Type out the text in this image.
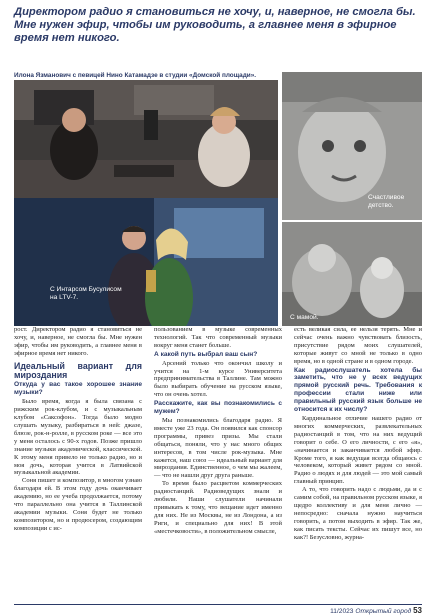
Директором радио я становиться не хочу, и, наверное, не смогла бы. Мне нужен эфир, чтобы им руководить, а главнее меня в эфирное время нет никого.
Илона Язманович с певицей Нино Катамадзе в студии «Домской площади».
С Интарсом Бусулисом на LTV-7.
Счастливое детство.
С мамой.

рост. Директором радио я становиться не хочу, и, наверное, не смогла бы. Мне нужен эфир, чтобы им руководить, а главнее меня в эфирное время нет никого.

Идеальный вариант для мироздания

Откуда у вас такое хорошее знание музыки?

Было время, когда я была связана с рижским рок-клубом, и с музыкальным клубом «Саксофон». Тогда было модно слушать музыку, разбираться в ней: джазе, блюзе, рок-н-ролле, в русском роке — все это у меня осталось с 90-х годов. Позже пришло знание музыки академической, классической. К этому меня привело не только радио, но и моя дочь, которая учится в Латвийской музыкальной академии.

Соня пишет и композитор, в многом узнаю благодаря ей. В этом году дочь оканчивает академию, но ее учеба продолжается, потому что параллельно она учится в Таллинской академии музыки. Соня будет не только композитором, но и продюсером, создающим композиции с ис-

пользованием в музыке современных технологий. Так что современный музыки вокруг меня станет больше.

А какой путь выбрал ваш сын?

Арсений только что окончил школу и учится на 1-м курсе Университета предпринимательства в Таллине. Там можно было выбирать обучение на русском языке, что он очень хотел.

Расскажите, как вы познакомились с мужем?

Мы познакомились благодаря радио. Я вместе уже 23 года. Он появился как спонсор программы, привез призы. Мы стали общаться, поняли, что у нас много общих интересов, в том числе рок-музыка. Мне кажется, наш союз — идеальный вариант для мироздания. Единственное, о чем мы жалеем, — что не нашли друг друга раньше.

То время было расцветом коммерческих радиостанций. Радиоведущих знали и любили. Наши слушатели начинали привыкать к тому, что вещание идет именно для них. Не из Москвы, не из Лондона, а из Риги, и специально для них! В этой «местечковости», в положительном смысле,

есть великая сила, ее нельзя терять. Мне и сейчас очень важно чувствовать близость, присутствие рядом моих слушателей, которые живут со мной не только в одно время, но в одной стране и в одном городе.

Как радиослушатель хотела бы заметить, что не у всех ведущих прямой русский речь. Требования к профессии стали ниже или правильный русский язык больше не относится к их числу?

Кардинальное отличие нашего радио от многих коммерческих, развлекательных радиостанций в том, что на них ведущий говорит о себе. О его личности, с его «я», «начинается и заканчивается любой эфир. Кроме того, я как ведущая всегда общаюсь с человеком, который живет рядом со мной. Радио о людях и для людей — это мой самый главный принцип.

А то, что говорить надо с людьми, да и с самим собой, на правильном русском языке, я щедро коллективу и для меня лично — непосредно: сначала нужно научиться говорить, а потом выходить в эфир. Так же, как писать тексты. Сейчас их пишут все, но как?! Безусловно, журна-

11/2023 Открытый город 53
